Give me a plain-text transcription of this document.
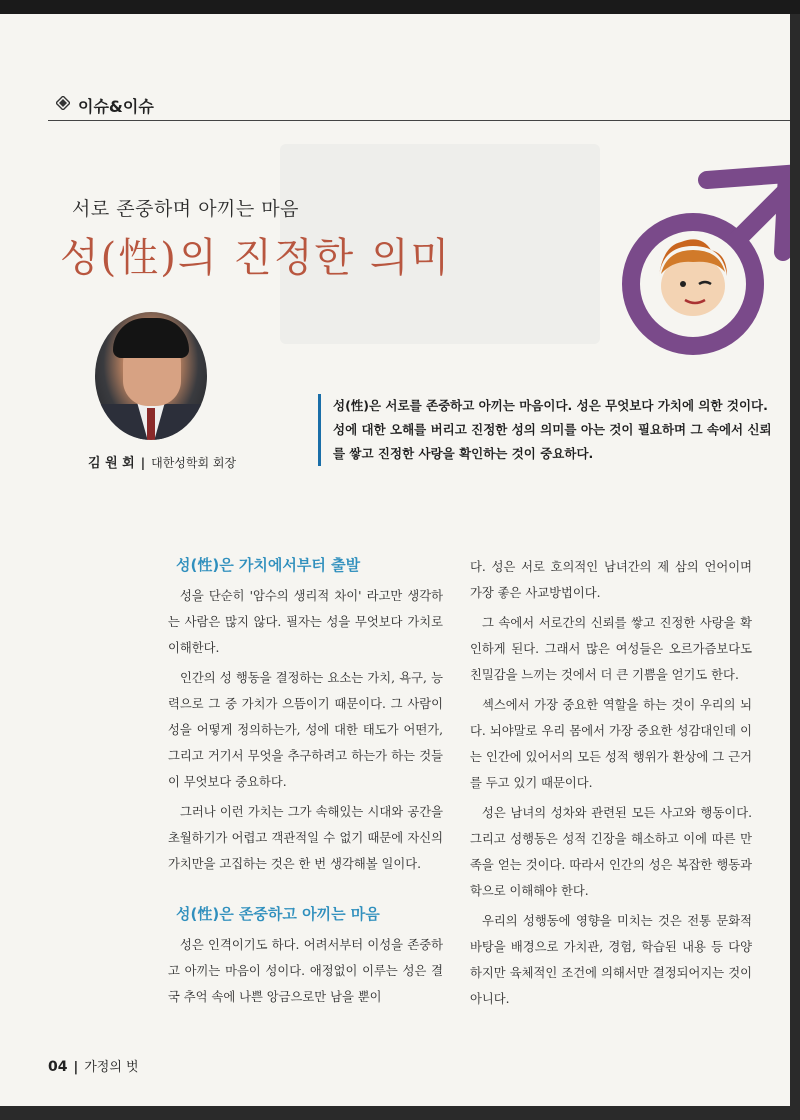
이슈&이슈
서로 존중하며 아끼는 마음
성(性)의 진정한 의미
김 원 회 | 대한성학회 회장
성(性)은 서로를 존중하고 아끼는 마음이다. 성은 무엇보다 가치에 의한 것이다. 성에 대한 오해를 버리고 진정한 성의 의미를 아는 것이 필요하며 그 속에서 신뢰를 쌓고 진정한 사랑을 확인하는 것이 중요하다.
성(性)은 가치에서부터 출발

성을 단순히 '암수의 생리적 차이' 라고만 생각하는 사람은 많지 않다. 필자는 성을 무엇보다 가치로 이해한다.

인간의 성 행동을 결정하는 요소는 가치, 욕구, 능력으로 그 중 가치가 으뜸이기 때문이다. 그 사람이 성을 어떻게 정의하는가, 성에 대한 태도가 어떤가, 그리고 거기서 무엇을 추구하려고 하는가 하는 것들이 무엇보다 중요하다.

그러나 이런 가치는 그가 속해있는 시대와 공간을 초월하기가 어렵고 객관적일 수 없기 때문에 자신의 가치만을 고집하는 것은 한 번 생각해볼 일이다.

성(性)은 존중하고 아끼는 마음

성은 인격이기도 하다. 어려서부터 이성을 존중하고 아끼는 마음이 성이다. 애정없이 이루는 성은 결국 추억 속에 나쁜 앙금으로만 남을 뿐이

다. 성은 서로 호의적인 남녀간의 제 삼의 언어이며 가장 좋은 사교방법이다.

그 속에서 서로간의 신뢰를 쌓고 진정한 사랑을 확인하게 된다. 그래서 많은 여성들은 오르가즘보다도 친밀감을 느끼는 것에서 더 큰 기쁨을 얻기도 한다.

섹스에서 가장 중요한 역할을 하는 것이 우리의 뇌다. 뇌야말로 우리 몸에서 가장 중요한 성감대인데 이는 인간에 있어서의 모든 성적 행위가 환상에 그 근거를 두고 있기 때문이다.

성은 남녀의 성차와 관련된 모든 사고와 행동이다. 그리고 성행동은 성적 긴장을 해소하고 이에 따른 만족을 얻는 것이다. 따라서 인간의 성은 복잡한 행동과학으로 이해해야 한다.

우리의 성행동에 영향을 미치는 것은 전통 문화적 바탕을 배경으로 가치관, 경험, 학습된 내용 등 다양하지만 육체적인 조건에 의해서만 결정되어지는 것이 아니다.

04 | 가정의 벗
